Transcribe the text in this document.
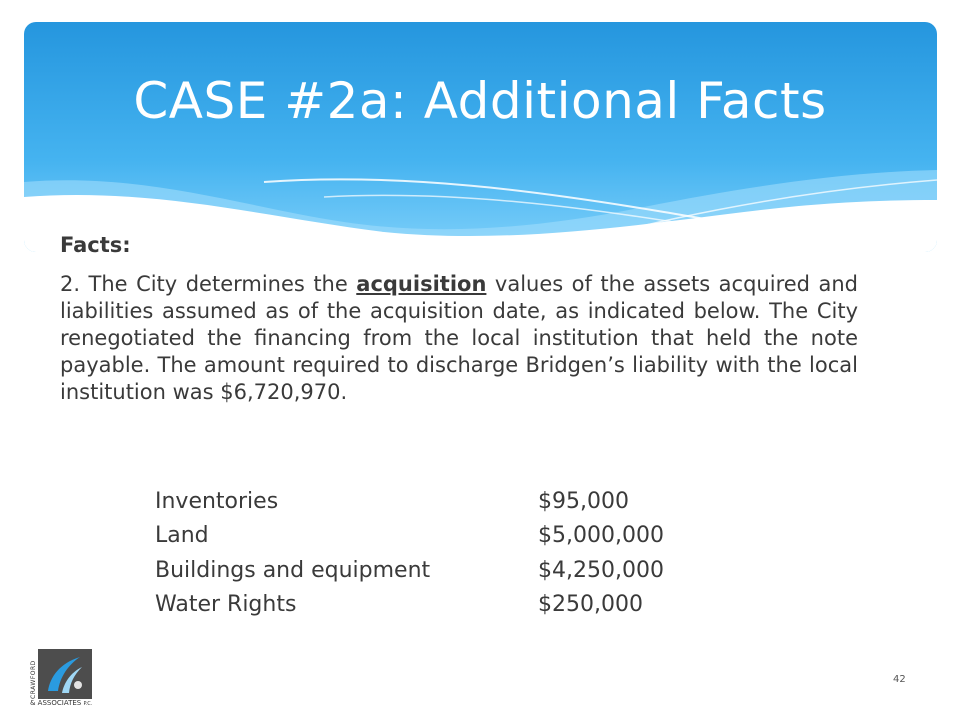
CASE #2a: Additional Facts
Facts:
2. The City determines the acquisition values of the assets acquired and liabilities assumed as of the acquisition date, as indicated below. The City renegotiated the financing from the local institution that held the note payable. The amount required to discharge Bridgen’s liability with the local institution was $6,720,970.
Inventories	$95,000
Land	$5,000,000
Buildings and equipment	$4,250,000
Water Rights	$250,000
CRAWFORD
& ASSOCIATES P.C.
42
